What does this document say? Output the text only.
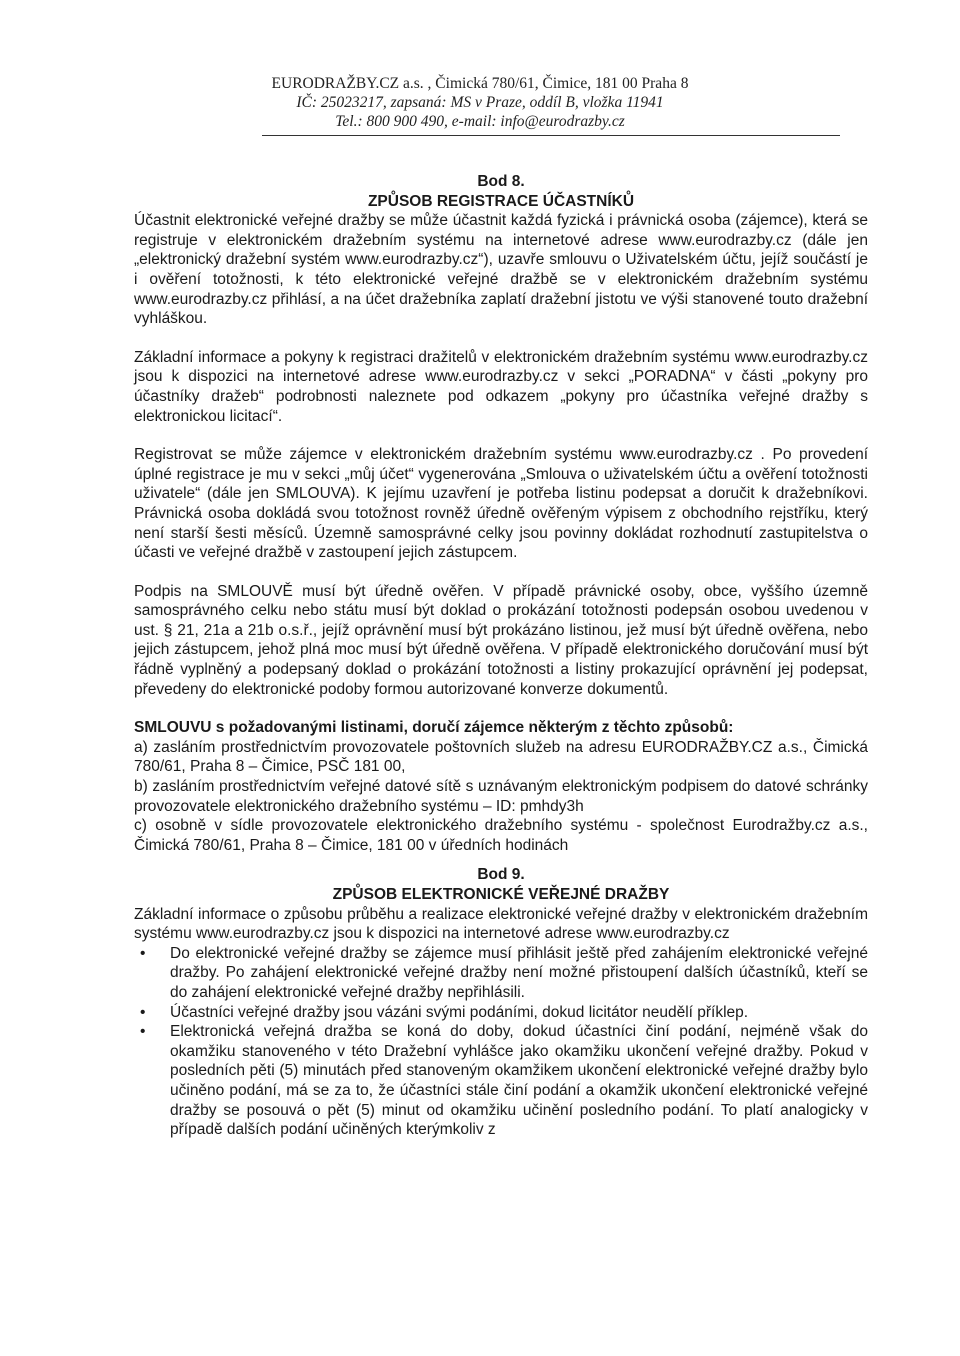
EURODRAŽBY.CZ a.s. , Čimická 780/61, Čimice, 181 00 Praha 8
IČ: 25023217, zapsaná: MS v Praze, oddíl B, vložka 11941
Tel.: 800 900 490, e-mail: info@eurodrazby.cz
Bod 8.
ZPŮSOB REGISTRACE ÚČASTNÍKŮ

Účastnit elektronické veřejné dražby se může účastnit každá fyzická i právnická osoba (zájemce), která se registruje v elektronickém dražebním systému na internetové adrese www.eurodrazby.cz (dále jen „elektronický dražební systém www.eurodrazby.cz“), uzavře smlouvu o Uživatelském účtu, jejíž součástí je i ověření totožnosti, k této elektronické veřejné dražbě se v elektronickém dražebním systému www.eurodrazby.cz přihlásí, a na účet dražebníka zaplatí dražební jistotu ve výši stanovené touto dražební vyhláškou.

Základní informace a pokyny k registraci dražitelů v elektronickém dražebním systému www.eurodrazby.cz jsou k dispozici na internetové adrese www.eurodrazby.cz v sekci „PORADNA“ v části „pokyny pro účastníky dražeb“ podrobnosti naleznete pod odkazem „pokyny pro účastníka veřejné dražby s elektronickou licitací“.

Registrovat se může zájemce v elektronickém dražebním systému www.eurodrazby.cz . Po provedení úplné registrace je mu v sekci „můj účet“ vygenerována „Smlouva o uživatelském účtu a ověření totožnosti uživatele“ (dále jen SMLOUVA). K jejímu uzavření je potřeba listinu podepsat a doručit k dražebníkovi. Právnická osoba dokládá svou totožnost rovněž úředně ověřeným výpisem z obchodního rejstříku, který není starší šesti měsíců. Územně samosprávné celky jsou povinny dokládat rozhodnutí zastupitelstva o účasti ve veřejné dražbě v zastoupení jejich zástupcem.

Podpis na SMLOUVĚ musí být úředně ověřen. V případě právnické osoby, obce, vyššího územně samosprávného celku nebo státu musí být doklad o prokázání totožnosti podepsán osobou uvedenou v ust. § 21, 21a a 21b o.s.ř., jejíž oprávnění musí být prokázáno listinou, jež musí být úředně ověřena, nebo jejich zástupcem, jehož plná moc musí být úředně ověřena. V případě elektronického doručování musí být řádně vyplněný a podepsaný doklad o prokázání totožnosti a listiny prokazující oprávnění jej podepsat, převedeny do elektronické podoby formou autorizované konverze dokumentů.

SMLOUVU s požadovanými listinami, doručí zájemce některým z těchto způsobů:

a) zasláním prostřednictvím provozovatele poštovních služeb na adresu EURODRAŽBY.CZ a.s., Čimická 780/61, Praha 8 – Čimice, PSČ 181 00,

b) zasláním prostřednictvím veřejné datové sítě s uznávaným elektronickým podpisem do datové schránky provozovatele elektronického dražebního systému – ID: pmhdy3h

c) osobně v sídle provozovatele elektronického dražebního systému - společnost Eurodražby.cz a.s., Čimická 780/61, Praha 8 – Čimice, 181 00 v úředních hodinách

Bod 9.
ZPŮSOB ELEKTRONICKÉ VEŘEJNÉ DRAŽBY

Základní informace o způsobu průběhu a realizace elektronické veřejné dražby v elektronickém dražebním systému www.eurodrazby.cz jsou k dispozici na internetové adrese www.eurodrazby.cz

• Do elektronické veřejné dražby se zájemce musí přihlásit ještě před zahájením elektronické veřejné dražby. Po zahájení elektronické veřejné dražby není možné přistoupení dalších účastníků, kteří se do zahájení elektronické veřejné dražby nepřihlásili.
• Účastníci veřejné dražby jsou vázáni svými podáními, dokud licitátor neudělí příklep.
• Elektronická veřejná dražba se koná do doby, dokud účastníci činí podání, nejméně však do okamžiku stanoveného v této Dražební vyhlášce jako okamžiku ukončení veřejné dražby. Pokud v posledních pěti (5) minutách před stanoveným okamžikem ukončení elektronické veřejné dražby bylo učiněno podání, má se za to, že účastníci stále činí podání a okamžik ukončení elektronické veřejné dražby se posouvá o pět (5) minut od okamžiku učinění posledního podání. To platí analogicky v případě dalších podání učiněných kterýmkoliv z
